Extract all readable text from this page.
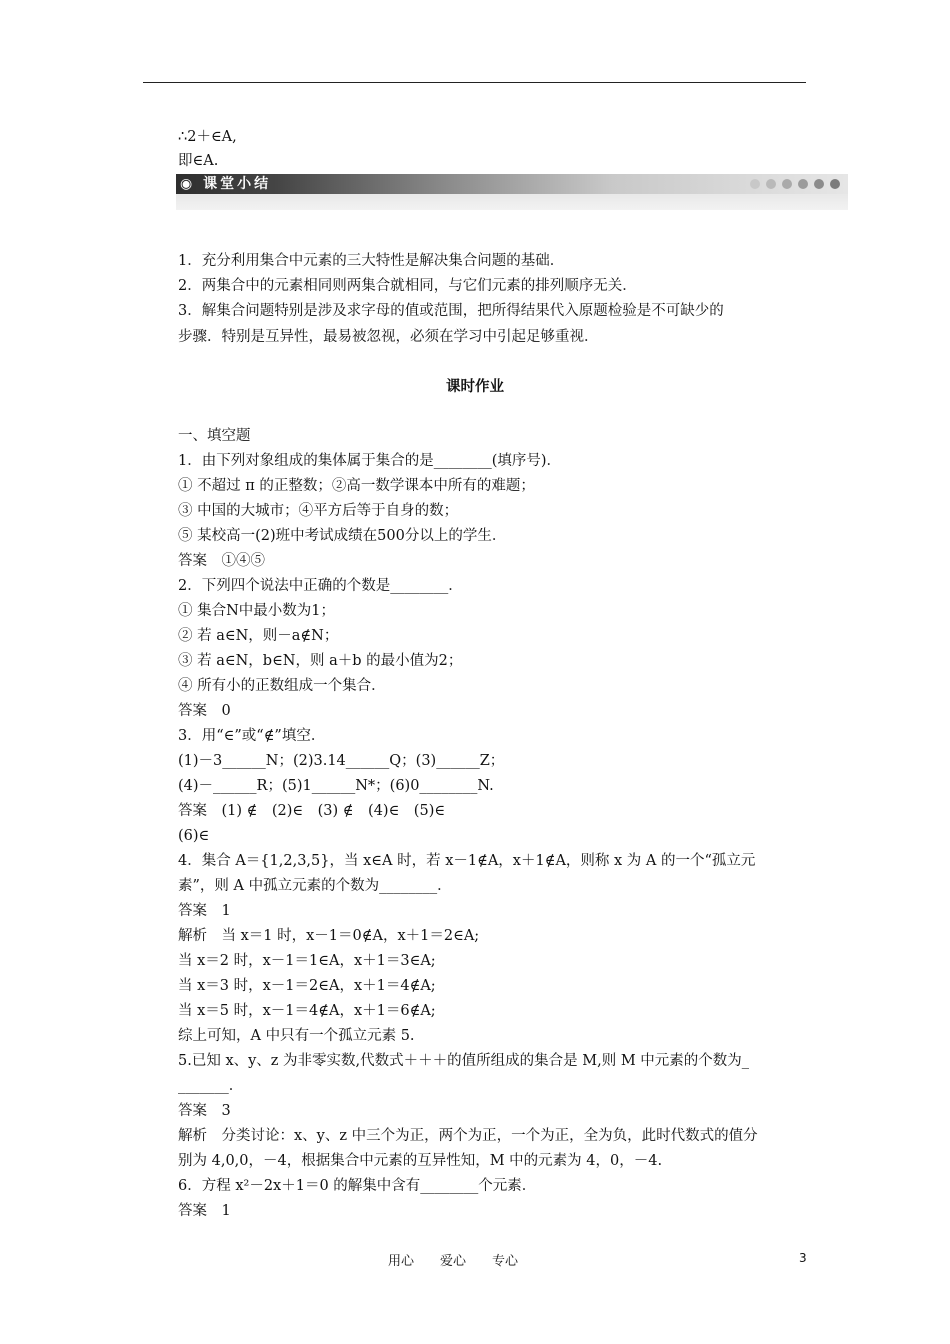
∴2＋∈A,
即∈A.
◉ 课堂小结
1．充分利用集合中元素的三大特性是解决集合问题的基础．
2．两集合中的元素相同则两集合就相同，与它们元素的排列顺序无关．
3．解集合问题特别是涉及求字母的值或范围，把所得结果代入原题检验是不可缺少的
步骤．特别是互异性，最易被忽视，必须在学习中引起足够重视．
课时作业
一、填空题
1．由下列对象组成的集体属于集合的是________(填序号)．
① 不超过 π 的正整数；②高一数学课本中所有的难题；
③ 中国的大城市；④平方后等于自身的数；
⑤ 某校高一(2)班中考试成绩在500分以上的学生．
答案　①④⑤
2．下列四个说法中正确的个数是________．
① 集合N中最小数为1；
② 若 a∈N，则－a∉N；
③ 若 a∈N，b∈N，则 a＋b 的最小值为2；
④ 所有小的正数组成一个集合．
答案　0
3．用“∈”或“∉”填空．
(1)－3______N；(2)3.14______Q；(3)______Z；
(4)－______R；(5)1______N*；(6)0________N.
答案　(1) ∉　(2)∈　(3) ∉　(4)∈　(5)∈
(6)∈
4．集合 A＝{1,2,3,5}，当 x∈A 时，若 x－1∉A，x＋1∉A，则称 x 为 A 的一个“孤立元
素”，则 A 中孤立元素的个数为________．
答案　1
解析　当 x＝1 时，x－1＝0∉A，x＋1＝2∈A;
当 x＝2 时，x－1＝1∈A，x＋1＝3∈A;
当 x＝3 时，x－1＝2∈A，x＋1＝4∉A;
当 x＝5 时，x－1＝4∉A，x＋1＝6∉A;
综上可知，A 中只有一个孤立元素 5.
5.已知 x、y、z 为非零实数,代数式＋＋＋的值所组成的集合是 M,则 M 中元素的个数为_
_______．
答案　3
解析　分类讨论：x、y、z 中三个为正，两个为正，一个为正，全为负，此时代数式的值分
别为 4,0,0，－4，根据集合中元素的互异性知，M 中的元素为 4，0，－4.
6．方程 x²－2x＋1＝0 的解集中含有________个元素．
答案　1
用心　　爱心　　专心	3
